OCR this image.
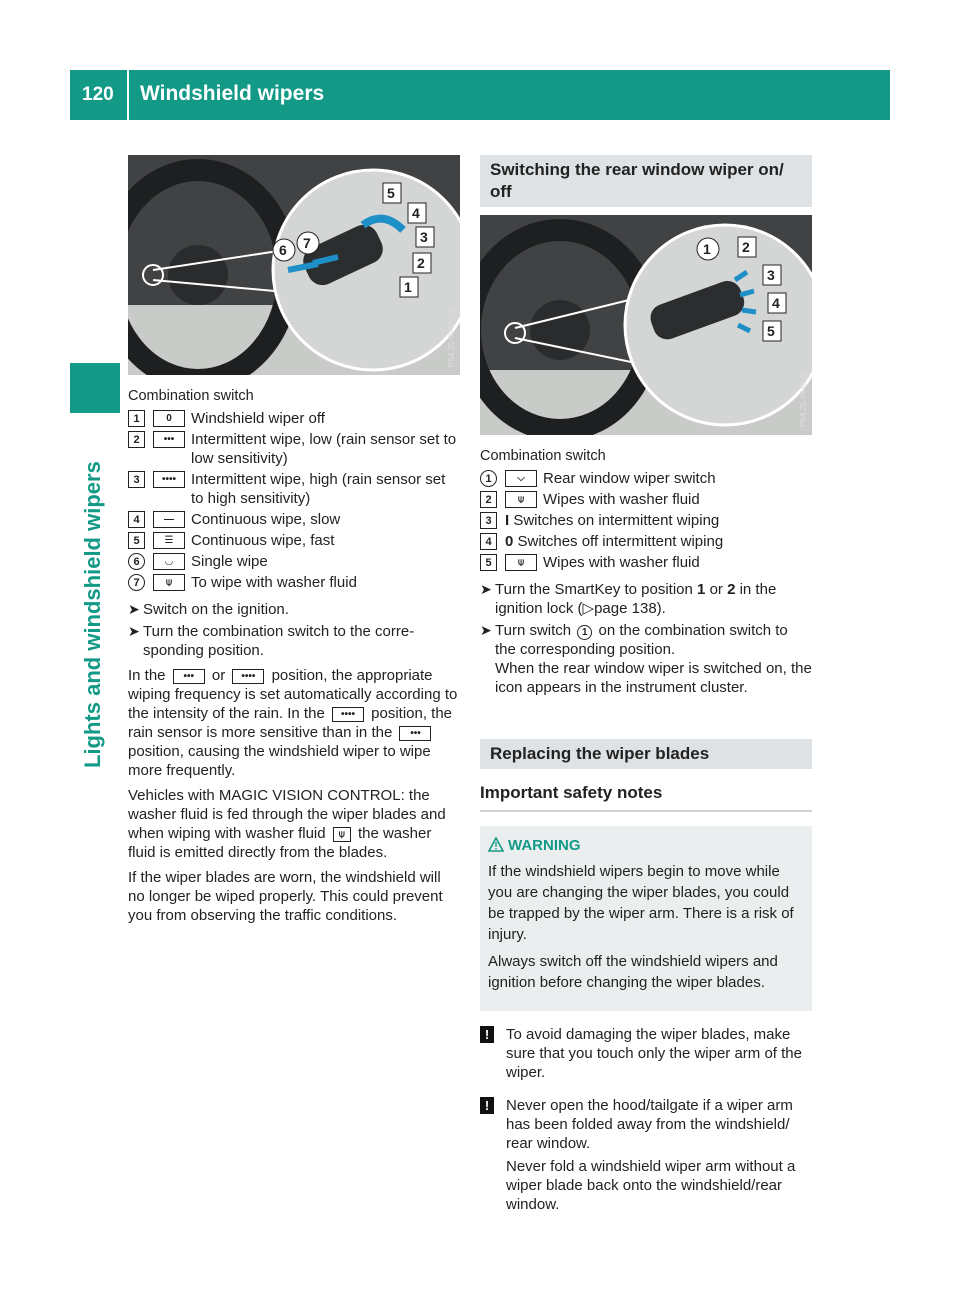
120 Windshield wipers
Lights and windshield wipers
5
4
3
2
1
6 7
P54.25-9947-31
Combination switch
1	0	Windshield wiper off
2	•••	Intermittent wipe, low (rain sensor set to low sensitivity)
3	••••	Intermittent wipe, high (rain sensor set to high sensitivity)
4	—	Continuous wipe, slow
5	☰	Continuous wipe, fast
6	◡	Single wipe
7	⍦	To wipe with washer fluid
➤ Switch on the ignition.
➤ Turn the combination switch to the corre-sponding position.
In the ••• or •••• position, the appropriate wiping frequency is set automatically according to the intensity of the rain. In the •••• position, the rain sensor is more sensitive than in the ••• position, causing the windshield wiper to wipe more frequently.
Vehicles with MAGIC VISION CONTROL: the washer fluid is fed through the wiper blades and when wiping with washer fluid ⍦ the washer fluid is emitted directly from the blades.
If the wiper blades are worn, the windshield will no longer be wiped properly. This could prevent you from observing the traffic conditions.
Switching the rear window wiper on/ off
1 2
3
4
5
P54.25-9948-31
Combination switch
1	⌵	Rear window wiper switch
2	⍦	Wipes with washer fluid
3 I Switches on intermittent wiping
4 0 Switches off intermittent wiping
5	⍦	Wipes with washer fluid
➤ Turn the SmartKey to position 1 or 2 in the ignition lock (▷page 138).
➤ Turn switch 1 on the combination switch to the corresponding position.
When the rear window wiper is switched on, the icon appears in the instrument cluster.
Replacing the wiper blades
Important safety notes
WARNING

If the windshield wipers begin to move while you are changing the wiper blades, you could be trapped by the wiper arm. There is a risk of injury.

Always switch off the windshield wipers and ignition before changing the wiper blades.

!	To avoid damaging the wiper blades, make sure that you touch only the wiper arm of the wiper.
!	Never open the hood/tailgate if a wiper arm has been folded away from the windshield/ rear window.

Never fold a windshield wiper arm without a wiper blade back onto the windshield/rear window.
